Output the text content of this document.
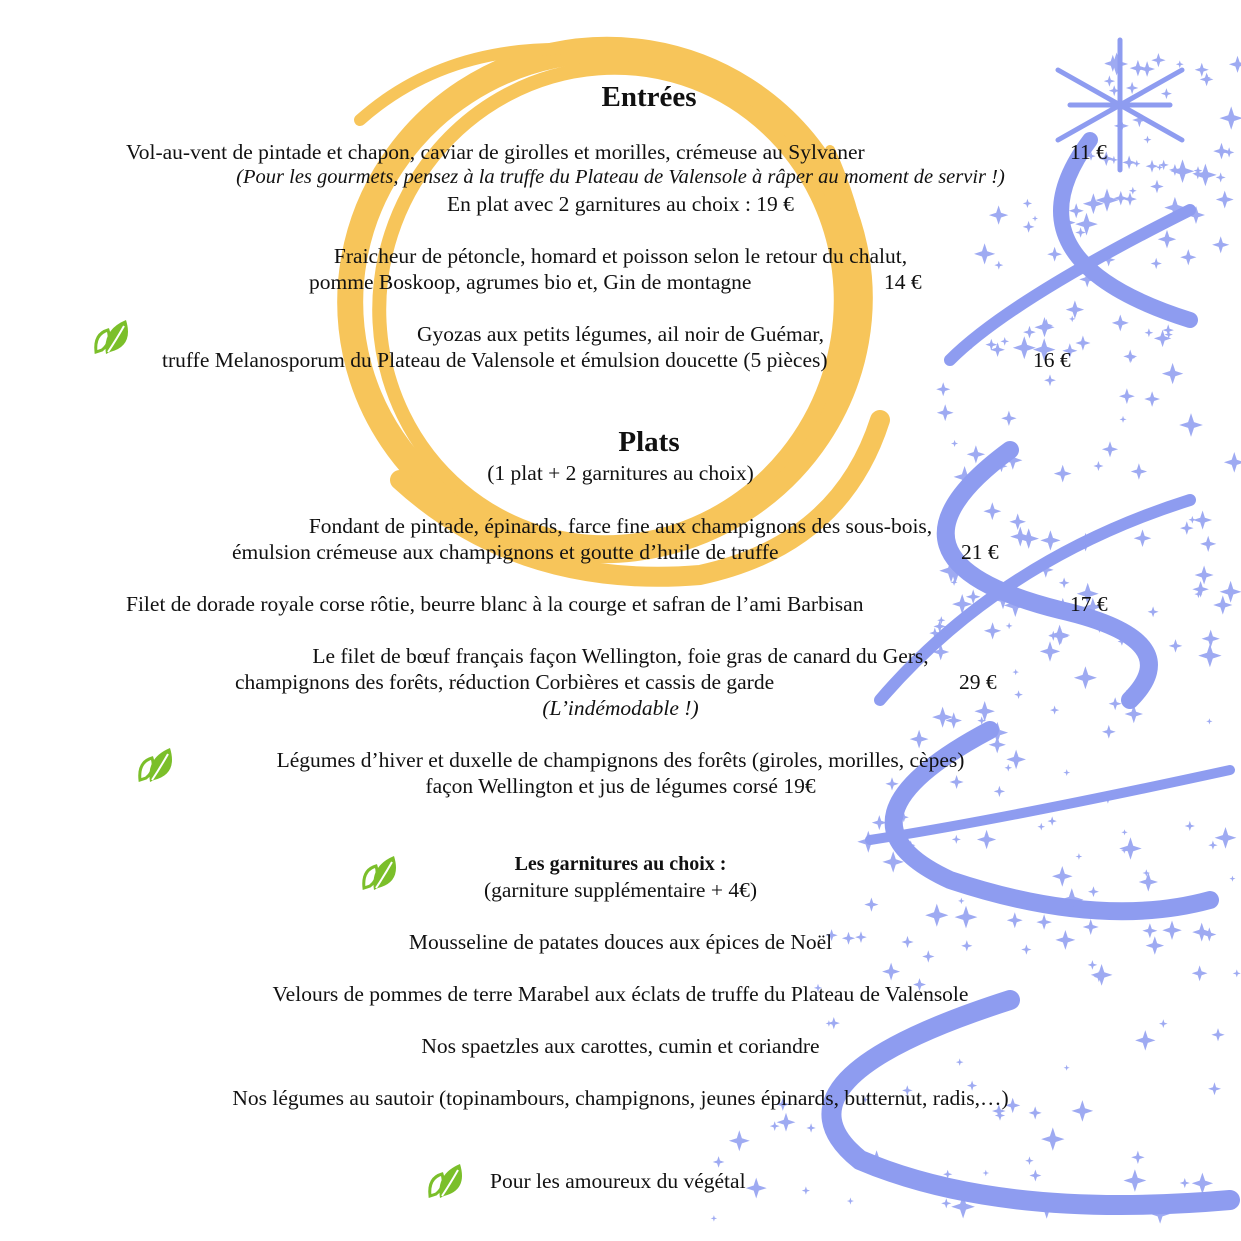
Entrées
Vol-au-vent de pintade et chapon, caviar de girolles et morilles, crémeuse au Sylvaner	11 €
(Pour les gourmets, pensez à la truffe du Plateau de Valensole à râper au moment de servir !)
En plat avec 2 garnitures au choix : 19 €
Fraicheur de pétoncle, homard et poisson selon le retour du chalut,
pomme Boskoop, agrumes bio et, Gin de montagne	14 €
Gyozas aux petits légumes, ail noir de Guémar,
truffe Melanosporum du Plateau de Valensole et émulsion doucette (5 pièces)	16 €
Plats
(1 plat + 2 garnitures au choix)
Fondant de pintade, épinards, farce fine aux champignons des sous-bois,
émulsion crémeuse aux champignons et goutte d’huile de truffe	21 €
Filet de dorade royale corse rôtie, beurre blanc à la courge et safran de l’ami Barbisan	17 €
Le filet de bœuf français façon Wellington, foie gras de canard du Gers,
champignons des forêts, réduction Corbières et cassis de garde	29 €
(L’indémodable !)
Légumes d’hiver et duxelle de champignons des forêts (giroles, morilles, cèpes)
façon Wellington et jus de légumes corsé 19€
Les garnitures au choix :
(garniture supplémentaire + 4€)
Mousseline de patates douces aux épices de Noël
Velours de pommes de terre Marabel aux éclats de truffe du Plateau de Valensole
Nos spaetzles aux carottes, cumin et coriandre
Nos légumes au sautoir (topinambours, champignons, jeunes épinards, butternut, radis,…)
Pour les amoureux du végétal
